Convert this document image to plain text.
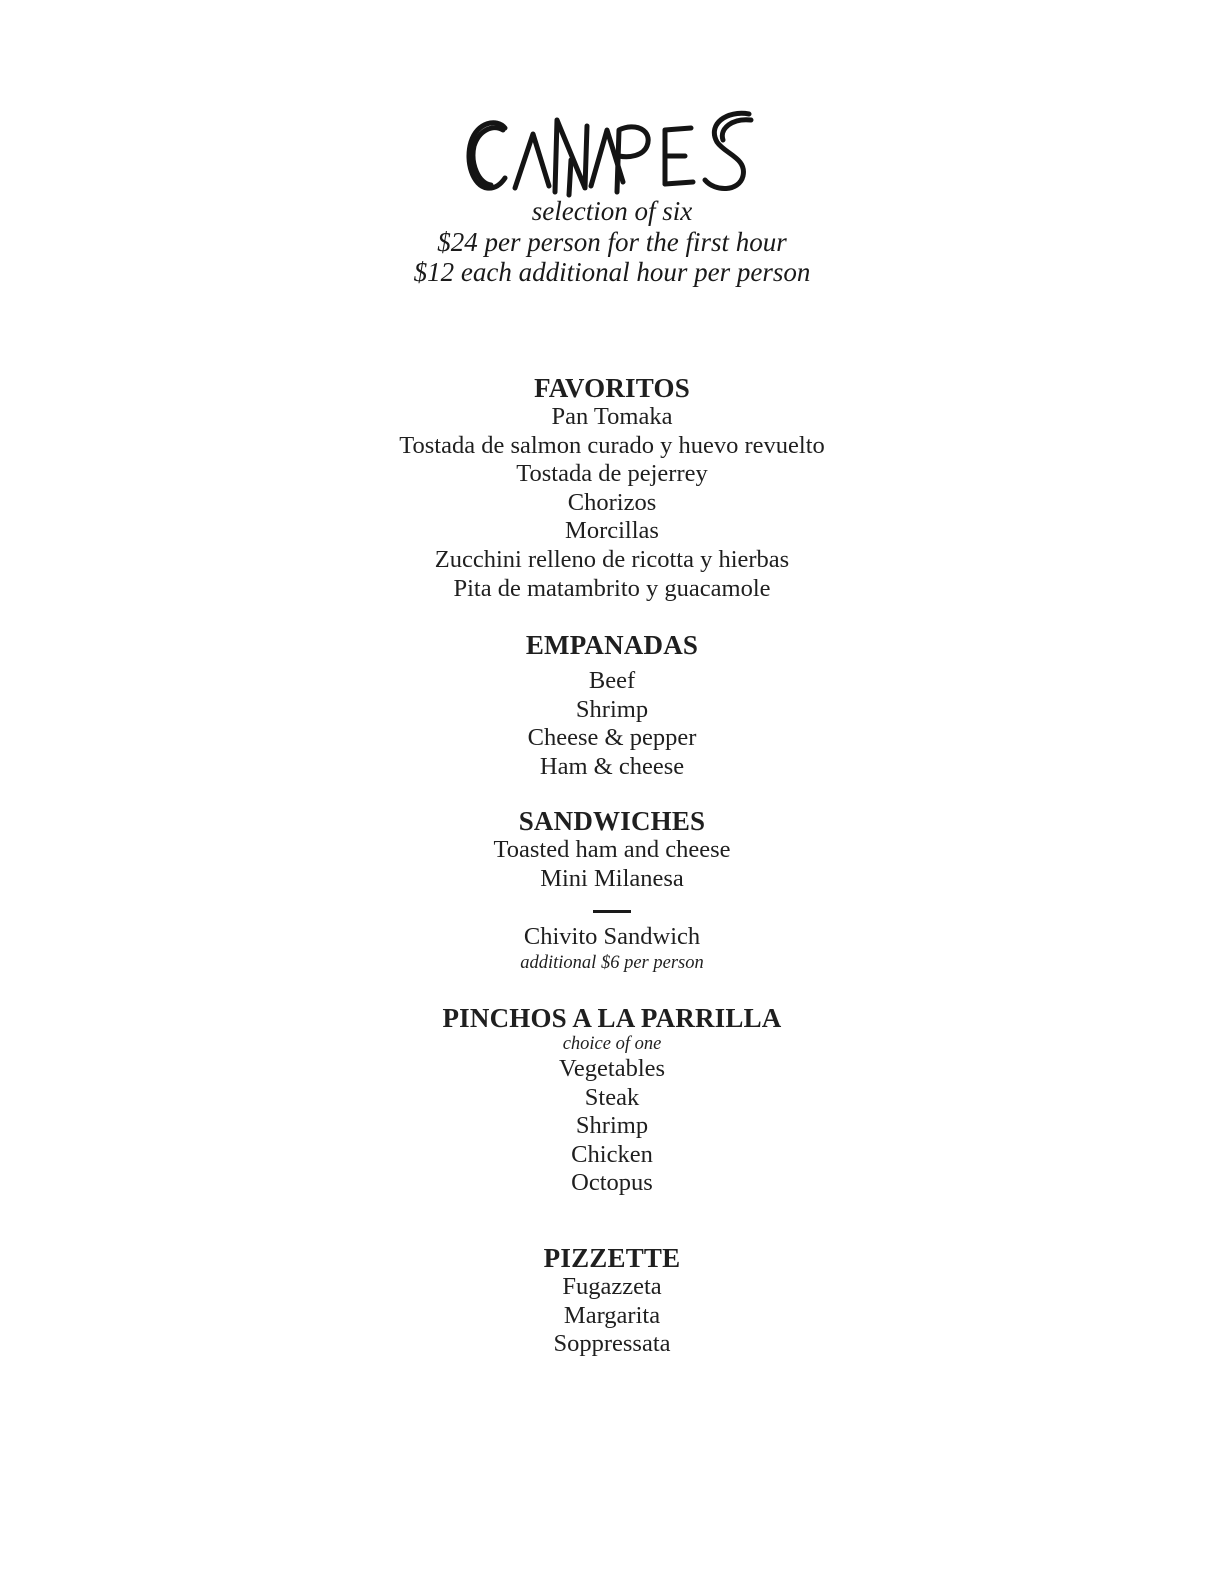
selection of six
$24 per person for the first hour
$12 each additional hour per person
FAVORITOS
Pan Tomaka
Tostada de salmon curado y huevo revuelto
Tostada de pejerrey
Chorizos
Morcillas
Zucchini relleno de ricotta y hierbas
Pita de matambrito y guacamole
EMPANADAS
Beef
Shrimp
Cheese & pepper
Ham & cheese
SANDWICHES
Toasted ham and cheese
Mini Milanesa
Chivito Sandwich
additional $6 per person
PINCHOS A LA PARRILLA
choice of one
Vegetables
Steak
Shrimp
Chicken
Octopus
PIZZETTE
Fugazzeta
Margarita
Soppressata
